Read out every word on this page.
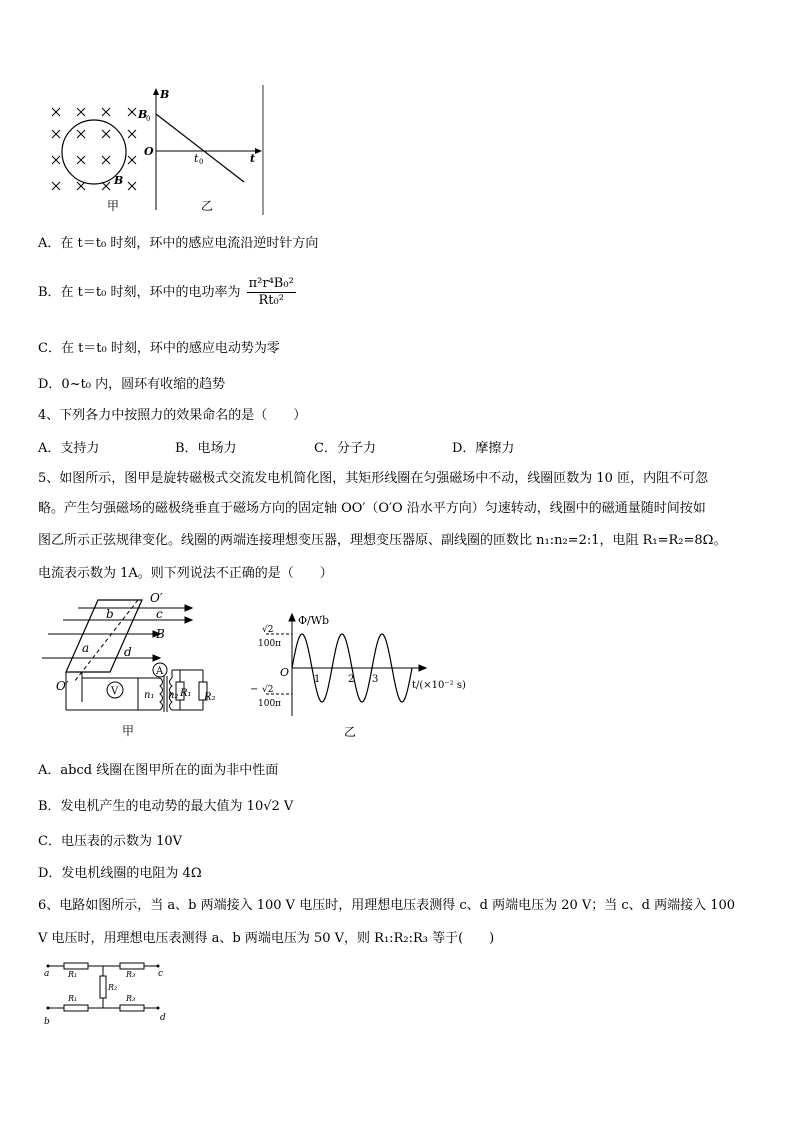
B
B
B
0
O
t 0	t
甲	乙
A．在 t＝t₀ 时刻，环中的感应电流沿逆时针方向
B．在 t＝t₀ 时刻，环中的电功率为 $\frac{\text{π²r⁴B₀²}}{\text{Rt₀²}}$
C．在 t＝t₀ 时刻，环中的感应电动势为零
D．0~t₀ 内，圆环有收缩的趋势
4、下列各力中按照力的效果命名的是（　　）
A．支持力	B．电场力	C．分子力	D．摩擦力
5、如图所示，图甲是旋转磁极式交流发电机简化图，其矩形线圈在匀强磁场中不动，线圈匝数为 10 匝，内阻不可忽
略。产生匀强磁场的磁极绕垂直于磁场方向的固定轴 OO′（O′O 沿水平方向）匀速转动，线圈中的磁通量随时间按如
图乙所示正弦规律变化。线圈的两端连接理想变压器，理想变压器原、副线圈的匝数比 n₁:n₂=2:1，电阻 R₁=R₂=8Ω。
电流表示数为 1A。则下列说法不正确的是（　　）
O′
b	c
B
a	d
O′	V
A
n₁ n₂ R₁ R₂
甲
Φ/Wb
√2
100π
− √2
100π
O
1	2 3
t/(×10⁻² s)
乙
A．abcd 线圈在图甲所在的面为非中性面
B．发电机产生的电动势的最大值为 10√2 V
C．电压表的示数为 10V
D．发电机线圈的电阻为 4Ω
6、电路如图所示，当 a、b 两端接入 100 V 电压时，用理想电压表测得 c、d 两端电压为 20 V；当 c、d 两端接入 100
V 电压时，用理想电压表测得 a、b 两端电压为 50 V，则 R₁:R₂:R₃ 等于(　　)
a	c
b	d
R₁	R₃
R₂
R₁	R₃
